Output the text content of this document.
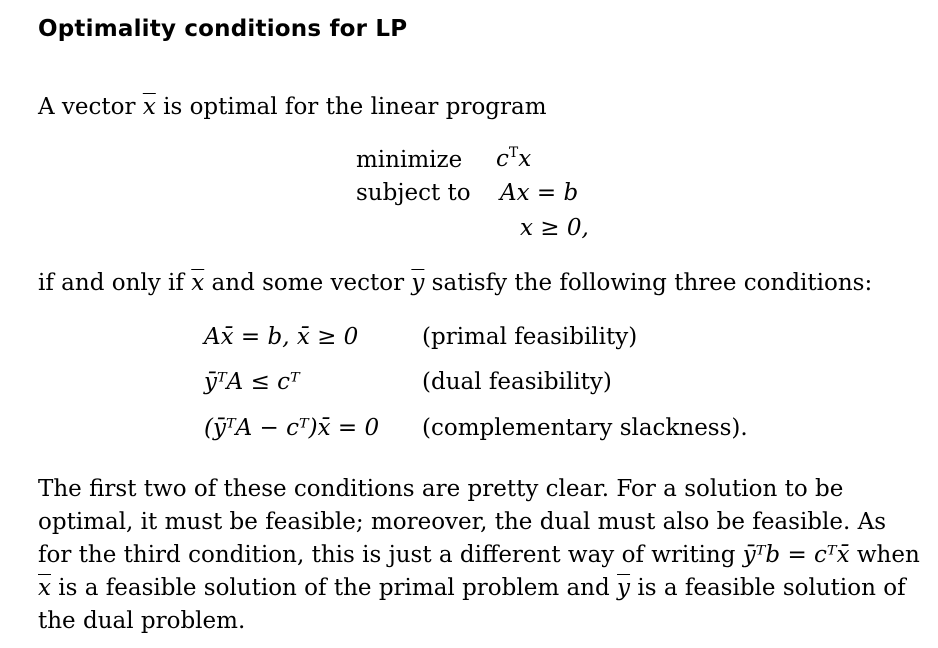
Optimality conditions for LP
A vector $\overline{x}$ is optimal for the linear program
minimize $c^Tx$
subject to Ax = b
x ≥ 0,
if and only if $\overline{x}$ and some vector $\overline{y}$ satisfy the following three conditions:
Ax̄ = b, x̄ ≥ 0	(primal feasibility)
ȳᵀA ≤ cᵀ	(dual feasibility)
(ȳᵀA − cᵀ)x̄ = 0 (complementary slackness).
The first two of these conditions are pretty clear. For a solution to be
optimal, it must be feasible; moreover, the dual must also be feasible. As
for the third condition, this is just a different way of writing ȳᵀb = cᵀx̄ when
$\overline{x}$ is a feasible solution of the primal problem and $\overline{y}$ is a feasible solution of
the dual problem.
